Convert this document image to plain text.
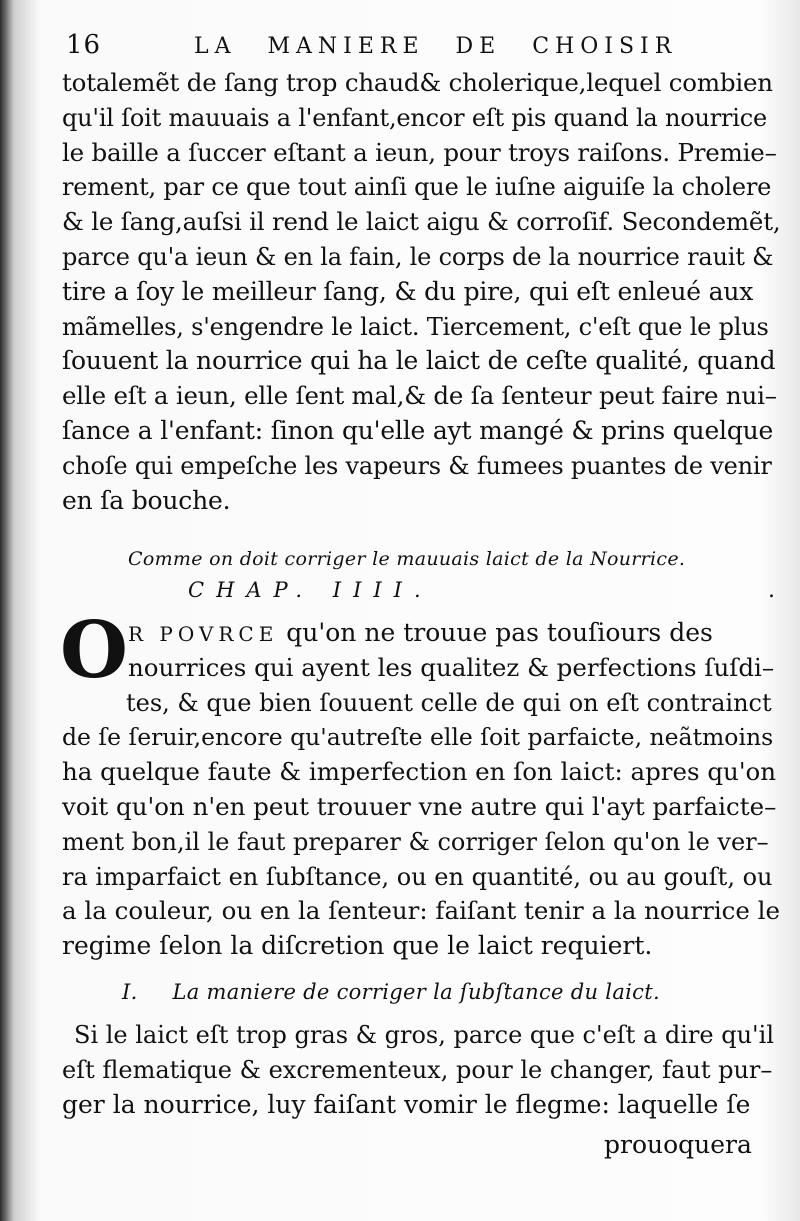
16	LA MANIERE DE CHOISIR
totalemẽt de ſang trop chaud& cholerique,lequel combien
qu'il ſoit mauuais a l'enfant,encor eſt pis quand la nourrice
le baille a ſuccer eſtant a ieun, pour troys raiſons. Premie–
rement, par ce que tout ainſi que le iuſne aiguiſe la cholere
& le ſang,auſsi il rend le laict aigu & corroſif. Secondemẽt,
parce qu'a ieun & en la fain, le corps de la nourrice rauit &
tire a ſoy le meilleur ſang, & du pire, qui eſt enleué aux
mãmelles, s'engendre le laict. Tiercement, c'eſt que le plus
ſouuent la nourrice qui ha le laict de ceſte qualité, quand
elle eſt a ieun, elle ſent mal,& de ſa ſenteur peut faire nui–
ſance a l'enfant: ſinon qu'elle ayt mangé & prins quelque
choſe qui empeſche les vapeurs & fumees puantes de venir
en ſa bouche.
Comme on doit corriger le mauuais laict de la Nourrice.
CHAP. IIII.	.
O R POVRCE qu'on ne trouue pas touſiours des
nourrices qui ayent les qualitez & perfections ſuſdi–
tes, & que bien ſouuent celle de qui on eſt contrainct
de ſe ſeruir,encore qu'autreſte elle ſoit parfaicte, neãtmoins
ha quelque faute & imperfection en ſon laict: apres qu'on
voit qu'on n'en peut trouuer vne autre qui l'ayt parfaicte–
ment bon,il le faut preparer & corriger ſelon qu'on le ver–
ra imparfaict en ſubſtance, ou en quantité, ou au gouſt, ou
a la couleur, ou en la ſenteur: faiſant tenir a la nourrice le
regime ſelon la diſcretion que le laict requiert.
I. La maniere de corriger la ſubſtance du laict.
Si le laict eſt trop gras & gros, parce que c'eſt a dire qu'il
eſt flematique & excrementeux, pour le changer, faut pur–
ger la nourrice, luy faiſant vomir le flegme: laquelle ſe
prouoquera
